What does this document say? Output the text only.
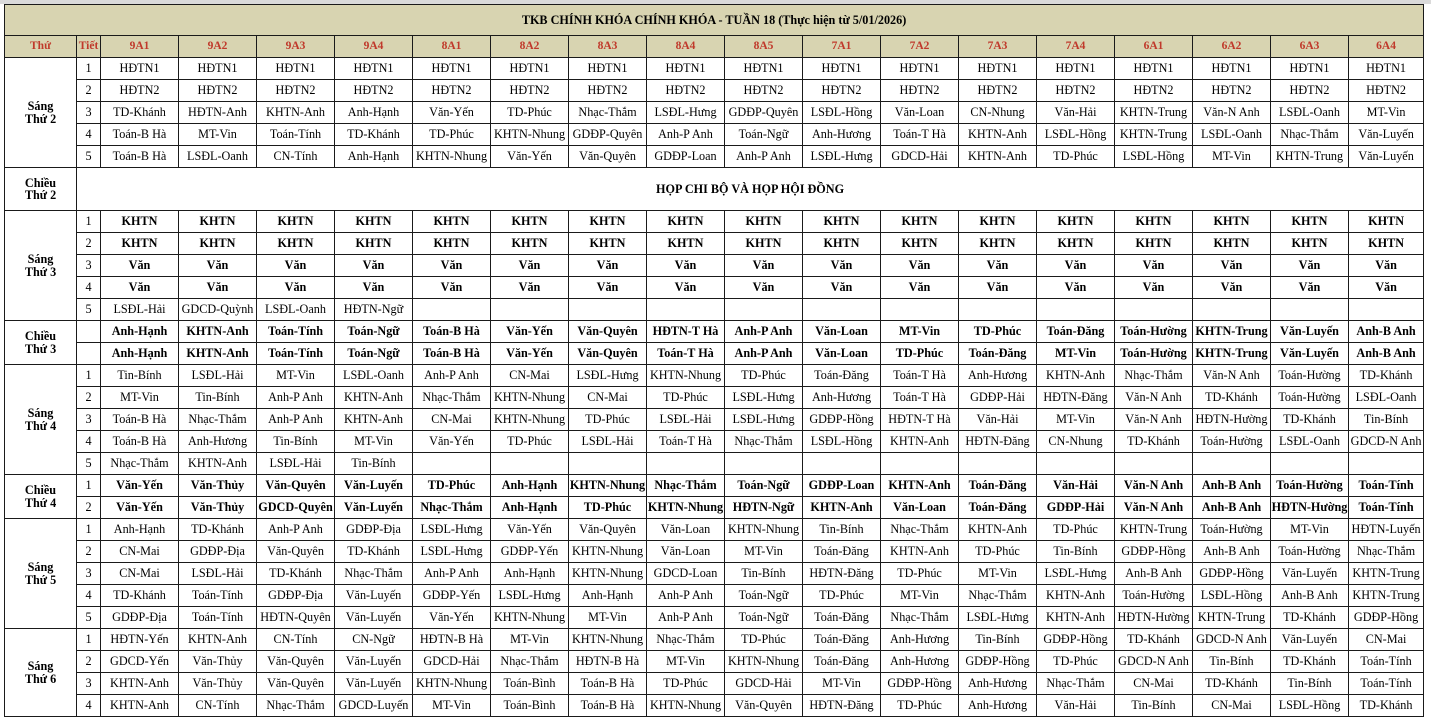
TKB CHÍNH KHÓA CHÍNH KHÓA - TUẦN 18 (Thực hiện từ 5/01/2026)																		
Thứ	Tiết	9A1	9A2	9A3	9A4	8A1	8A2	8A3	8A4	8A5	7A1	7A2	7A3	7A4	6A1	6A2	6A3	6A4
Sáng
Thứ 2	1	HĐTN1	HĐTN1	HĐTN1	HĐTN1	HĐTN1	HĐTN1	HĐTN1	HĐTN1	HĐTN1	HĐTN1	HĐTN1	HĐTN1	HĐTN1	HĐTN1	HĐTN1	HĐTN1	HĐTN1
	2	HĐTN2	HĐTN2	HĐTN2	HĐTN2	HĐTN2	HĐTN2	HĐTN2	HĐTN2	HĐTN2	HĐTN2	HĐTN2	HĐTN2	HĐTN2	HĐTN2	HĐTN2	HĐTN2	HĐTN2
	3	TD-Khánh	HĐTN-Anh	KHTN-Anh	Anh-Hạnh	Văn-Yến	TD-Phúc	Nhạc-Thắm	LSĐL-Hưng	GDĐP-Quyên	LSĐL-Hồng	Văn-Loan	CN-Nhung	Văn-Hải	KHTN-Trung	Văn-N Anh	LSĐL-Oanh	MT-Vin
	4	Toán-B Hà	MT-Vin	Toán-Tính	TD-Khánh	TD-Phúc	KHTN-Nhung	GDĐP-Quyên	Anh-P Anh	Toán-Ngữ	Anh-Hương	Toán-T Hà	KHTN-Anh	LSĐL-Hồng	KHTN-Trung	LSĐL-Oanh	Nhạc-Thắm	Văn-Luyến
	5	Toán-B Hà	LSĐL-Oanh	CN-Tính	Anh-Hạnh	KHTN-Nhung	Văn-Yến	Văn-Quyên	GDĐP-Loan	Anh-P Anh	LSĐL-Hưng	GDCD-Hải	KHTN-Anh	TD-Phúc	LSĐL-Hồng	MT-Vin	KHTN-Trung	Văn-Luyến
Chiều
Thứ 2	HỌP CHI BỘ VÀ HỌP HỘI ĐỒNG																	
Sáng
Thứ 3	1	KHTN	KHTN	KHTN	KHTN	KHTN	KHTN	KHTN	KHTN	KHTN	KHTN	KHTN	KHTN	KHTN	KHTN	KHTN	KHTN	KHTN
	2	KHTN	KHTN	KHTN	KHTN	KHTN	KHTN	KHTN	KHTN	KHTN	KHTN	KHTN	KHTN	KHTN	KHTN	KHTN	KHTN	KHTN
	3	Văn	Văn	Văn	Văn	Văn	Văn	Văn	Văn	Văn	Văn	Văn	Văn	Văn	Văn	Văn	Văn	Văn
	4	Văn	Văn	Văn	Văn	Văn	Văn	Văn	Văn	Văn	Văn	Văn	Văn	Văn	Văn	Văn	Văn	Văn
	5	LSĐL-Hải	GDCD-Quỳnh	LSĐL-Oanh	HĐTN-Ngữ													
Chiều
Thứ 3		Anh-Hạnh	KHTN-Anh	Toán-Tính	Toán-Ngữ	Toán-B Hà	Văn-Yến	Văn-Quyên	HĐTN-T Hà	Anh-P Anh	Văn-Loan	MT-Vin	TD-Phúc	Toán-Đăng	Toán-Hường	KHTN-Trung	Văn-Luyến	Anh-B Anh
		Anh-Hạnh	KHTN-Anh	Toán-Tính	Toán-Ngữ	Toán-B Hà	Văn-Yến	Văn-Quyên	Toán-T Hà	Anh-P Anh	Văn-Loan	TD-Phúc	Toán-Đăng	MT-Vin	Toán-Hường	KHTN-Trung	Văn-Luyến	Anh-B Anh
Sáng
Thứ 4	1	Tin-Bính	LSĐL-Hải	MT-Vin	LSĐL-Oanh	Anh-P Anh	CN-Mai	LSĐL-Hưng	KHTN-Nhung	TD-Phúc	Toán-Đăng	Toán-T Hà	Anh-Hương	KHTN-Anh	Nhạc-Thắm	Văn-N Anh	Toán-Hường	TD-Khánh
	2	MT-Vin	Tin-Bính	Anh-P Anh	KHTN-Anh	Nhạc-Thắm	KHTN-Nhung	CN-Mai	TD-Phúc	LSĐL-Hưng	Anh-Hương	Toán-T Hà	GDĐP-Hải	HĐTN-Đăng	Văn-N Anh	TD-Khánh	Toán-Hường	LSĐL-Oanh
	3	Toán-B Hà	Nhạc-Thắm	Anh-P Anh	KHTN-Anh	CN-Mai	KHTN-Nhung	TD-Phúc	LSĐL-Hải	LSĐL-Hưng	GDĐP-Hồng	HĐTN-T Hà	Văn-Hải	MT-Vin	Văn-N Anh	HĐTN-Hường	TD-Khánh	Tin-Bính
	4	Toán-B Hà	Anh-Hương	Tin-Bính	MT-Vin	Văn-Yến	TD-Phúc	LSĐL-Hải	Toán-T Hà	Nhạc-Thắm	LSĐL-Hồng	KHTN-Anh	HĐTN-Đăng	CN-Nhung	TD-Khánh	Toán-Hường	LSĐL-Oanh	GDCD-N Anh
	5	Nhạc-Thắm	KHTN-Anh	LSĐL-Hải	Tin-Bính													
Chiều
Thứ 4	1	Văn-Yến	Văn-Thủy	Văn-Quyên	Văn-Luyến	TD-Phúc	Anh-Hạnh	KHTN-Nhung	Nhạc-Thắm	Toán-Ngữ	GDĐP-Loan	KHTN-Anh	Toán-Đăng	Văn-Hải	Văn-N Anh	Anh-B Anh	Toán-Hường	Toán-Tính
	2	Văn-Yến	Văn-Thủy	GDCD-Quyên	Văn-Luyến	Nhạc-Thắm	Anh-Hạnh	TD-Phúc	KHTN-Nhung	HĐTN-Ngữ	KHTN-Anh	Văn-Loan	Toán-Đăng	GDĐP-Hải	Văn-N Anh	Anh-B Anh	HĐTN-Hường	Toán-Tính
Sáng
Thứ 5	1	Anh-Hạnh	TD-Khánh	Anh-P Anh	GDĐP-Địa	LSĐL-Hưng	Văn-Yến	Văn-Quyên	Văn-Loan	KHTN-Nhung	Tin-Bính	Nhạc-Thắm	KHTN-Anh	TD-Phúc	KHTN-Trung	Toán-Hường	MT-Vin	HĐTN-Luyến
	2	CN-Mai	GDĐP-Địa	Văn-Quyên	TD-Khánh	LSĐL-Hưng	GDĐP-Yến	KHTN-Nhung	Văn-Loan	MT-Vin	Toán-Đăng	KHTN-Anh	TD-Phúc	Tin-Bính	GDĐP-Hồng	Anh-B Anh	Toán-Hường	Nhạc-Thắm
	3	CN-Mai	LSĐL-Hải	TD-Khánh	Nhạc-Thắm	Anh-P Anh	Anh-Hạnh	KHTN-Nhung	GDCD-Loan	Tin-Bính	HĐTN-Đăng	TD-Phúc	MT-Vin	LSĐL-Hưng	Anh-B Anh	GDĐP-Hồng	Văn-Luyến	KHTN-Trung
	4	TD-Khánh	Toán-Tính	GDĐP-Địa	Văn-Luyến	GDĐP-Yến	LSĐL-Hưng	Anh-Hạnh	Anh-P Anh	Toán-Ngữ	TD-Phúc	MT-Vin	Nhạc-Thắm	KHTN-Anh	Toán-Hường	LSĐL-Hồng	Anh-B Anh	KHTN-Trung
	5	GDĐP-Địa	Toán-Tính	HĐTN-Quyên	Văn-Luyến	Văn-Yến	KHTN-Nhung	MT-Vin	Anh-P Anh	Toán-Ngữ	Toán-Đăng	Nhạc-Thắm	LSĐL-Hưng	KHTN-Anh	HĐTN-Hường	KHTN-Trung	TD-Khánh	GDĐP-Hồng
Sáng
Thứ 6	1	HĐTN-Yến	KHTN-Anh	CN-Tính	CN-Ngữ	HĐTN-B Hà	MT-Vin	KHTN-Nhung	Nhạc-Thắm	TD-Phúc	Toán-Đăng	Anh-Hương	Tin-Bính	GDĐP-Hồng	TD-Khánh	GDCD-N Anh	Văn-Luyến	CN-Mai
	2	GDCD-Yến	Văn-Thủy	Văn-Quyên	Văn-Luyến	GDCD-Hải	Nhạc-Thắm	HĐTN-B Hà	MT-Vin	KHTN-Nhung	Toán-Đăng	Anh-Hương	GDĐP-Hồng	TD-Phúc	GDCD-N Anh	Tin-Bính	TD-Khánh	Toán-Tính
	3	KHTN-Anh	Văn-Thủy	Văn-Quyên	Văn-Luyến	KHTN-Nhung	Toán-Bình	Toán-B Hà	TD-Phúc	GDCD-Hải	MT-Vin	GDĐP-Hồng	Anh-Hương	Nhạc-Thắm	CN-Mai	TD-Khánh	Tin-Bính	Toán-Tính
	4	KHTN-Anh	CN-Tính	Nhạc-Thắm	GDCD-Luyến	MT-Vin	Toán-Bình	Toán-B Hà	KHTN-Nhung	Văn-Quyên	HĐTN-Đăng	TD-Phúc	Anh-Hương	Văn-Hải	Tin-Bính	CN-Mai	LSĐL-Hồng	TD-Khánh
